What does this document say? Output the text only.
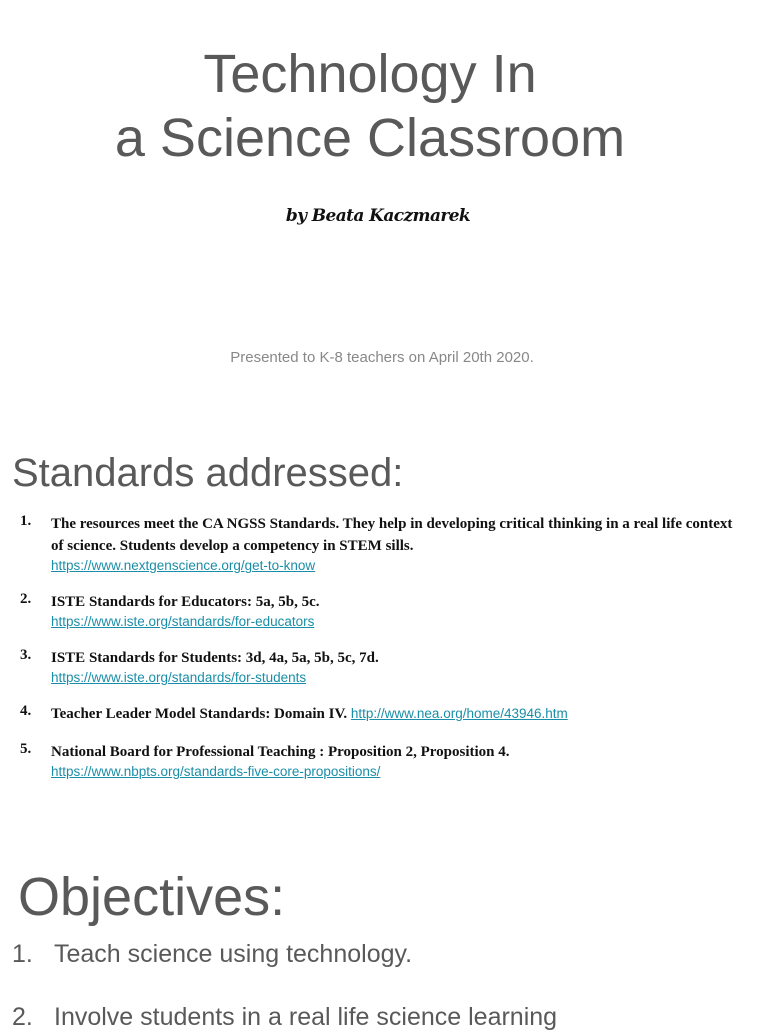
Technology In
a Science Classroom
by Beata Kaczmarek
Presented to K-8 teachers on April 20th 2020.
Standards addressed:
1. The resources meet the CA NGSS Standards. They help in developing critical thinking in a real life context of science. Students develop a competency in STEM sills.
https://www.nextgenscience.org/get-to-know
2. ISTE Standards for Educators: 5a, 5b, 5c.
https://www.iste.org/standards/for-educators
3. ISTE Standards for Students: 3d, 4a, 5a, 5b, 5c, 7d.
https://www.iste.org/standards/for-students
4. Teacher Leader Model Standards: Domain IV. http://www.nea.org/home/43946.htm
5. National Board for Professional Teaching : Proposition 2, Proposition 4.
https://www.nbpts.org/standards-five-core-propositions/
Objectives:
1. Teach science using technology.
2. Involve students in a real life science learning
